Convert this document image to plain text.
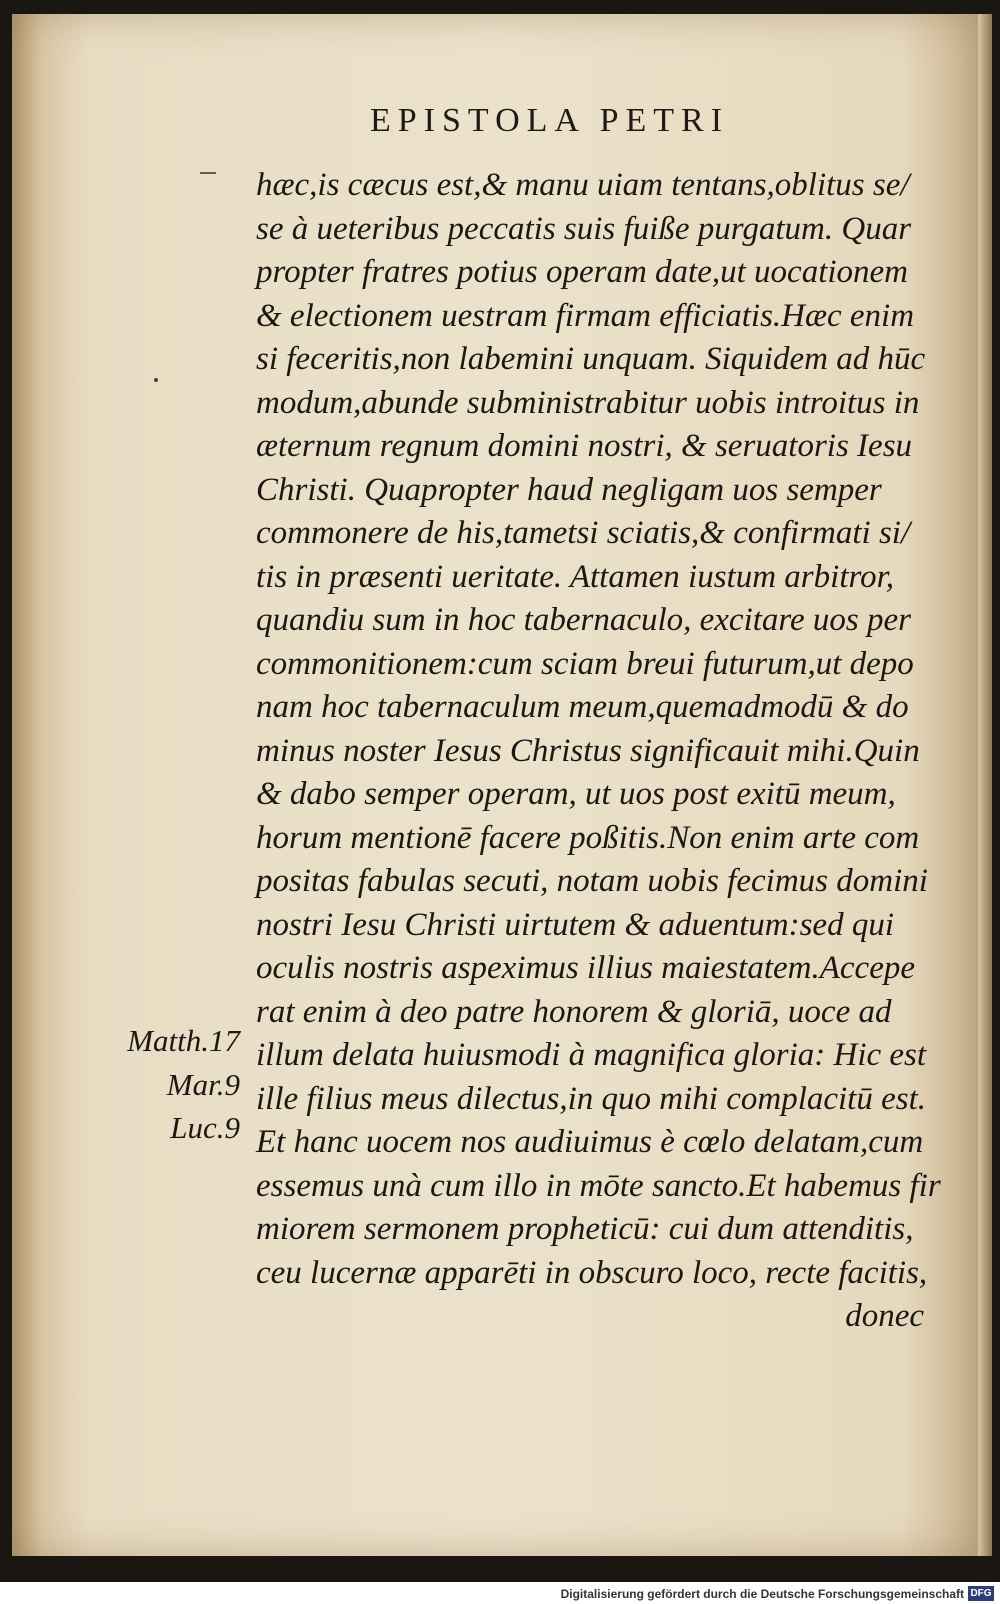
EPISTOLA PETRI
hæc,is cæcus est,& manu uiam tentans,oblitus se/
se à ueteribus peccatis suis fuiße purgatum. Quar
propter fratres potius operam date,ut uocationem
& electionem uestram firmam efficiatis.Hæc enim
si feceritis,non labemini unquam. Siquidem ad hūc
modum,abunde subministrabitur uobis introitus in
æternum regnum domini nostri, & seruatoris Iesu
Christi. Quapropter haud negligam uos semper
commonere de his,tametsi sciatis,& confirmati si/
tis in præsenti ueritate. Attamen iustum arbitror,
quandiu sum in hoc tabernaculo, excitare uos per
commonitionem:cum sciam breui futurum,ut depo
nam hoc tabernaculum meum,quemadmodū & do
minus noster Iesus Christus significauit mihi.Quin
& dabo semper operam, ut uos post exitū meum,
horum mentionē facere poßitis.Non enim arte com
positas fabulas secuti, notam uobis fecimus domini
nostri Iesu Christi uirtutem & aduentum:sed qui
oculis nostris aspeximus illius maiestatem.Accepe
rat enim à deo patre honorem & gloriā, uoce ad
illum delata huiusmodi à magnifica gloria: Hic est
ille filius meus dilectus,in quo mihi complacitū est.
Et hanc uocem nos audiuimus è cœlo delatam,cum
essemus unà cum illo in mōte sancto.Et habemus fir
miorem sermonem propheticū: cui dum attenditis,
ceu lucernæ apparēti in obscuro loco, recte facitis,
donec
Matth.17
Mar.9
Luc.9
Digitalisierung gefördert durch die Deutsche Forschungsgemeinschaft DFG
